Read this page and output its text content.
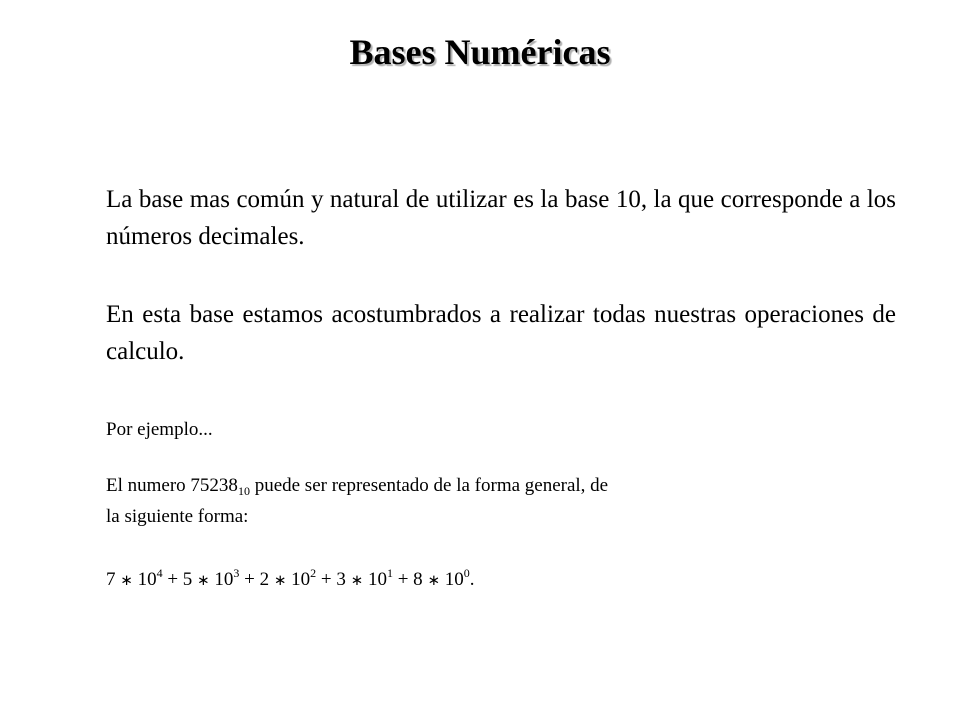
Bases Numéricas
La base mas común y natural de utilizar es la base 10, la que corresponde a los números decimales.
En esta base estamos acostumbrados a realizar todas nuestras operaciones de calculo.
Por ejemplo...
El numero $75238_{10}$ puede ser representado de la forma general, de
la siguiente forma:
7 ∗ $10^4 + 5$ ∗ $10^3 + 2$ ∗ $10^2 + 3$ ∗ $10^1 + 8$ ∗ $10^0$.
